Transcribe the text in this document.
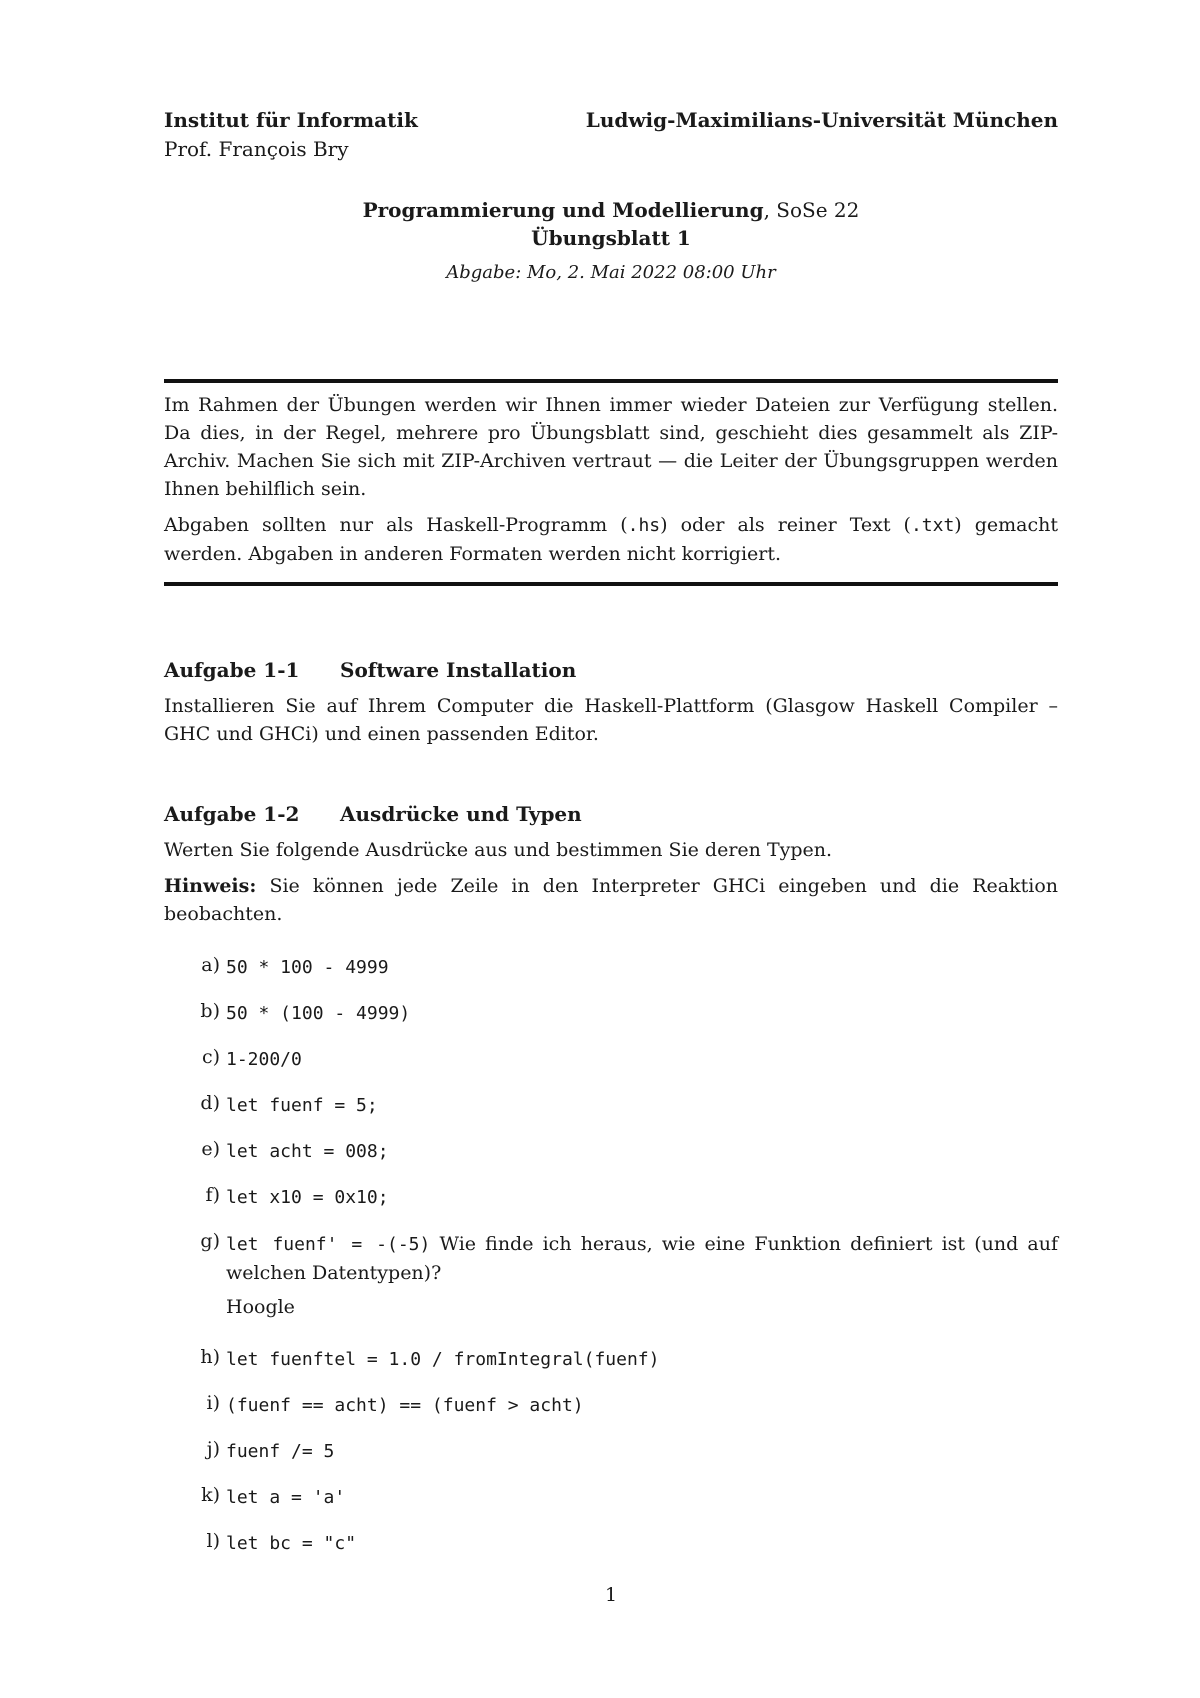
Institut für Informatik	Ludwig-Maximilians-Universität München
Prof. François Bry
Programmierung und Modellierung, SoSe 22
Übungsblatt 1
Abgabe: Mo, 2. Mai 2022 08:00 Uhr

Im Rahmen der Übungen werden wir Ihnen immer wieder Dateien zur Verfügung stellen. Da dies, in der Regel, mehrere pro Übungsblatt sind, geschieht dies gesammelt als ZIP-Archiv. Machen Sie sich mit ZIP-Archiven vertraut — die Leiter der Übungsgruppen werden Ihnen behilflich sein.

Abgaben sollten nur als Haskell-Programm (.hs) oder als reiner Text (.txt) gemacht werden. Abgaben in anderen Formaten werden nicht korrigiert.

Aufgabe 1-1 Software Installation

Installieren Sie auf Ihrem Computer die Haskell-Plattform (Glasgow Haskell Compiler – GHC und GHCi) und einen passenden Editor.

Aufgabe 1-2 Ausdrücke und Typen

Werten Sie folgende Ausdrücke aus und bestimmen Sie deren Typen.

Hinweis: Sie können jede Zeile in den Interpreter GHCi eingeben und die Reaktion beobachten.

a) 50 * 100 - 4999
b) 50 * (100 - 4999)
c) 1-200/0
d) let fuenf = 5;
e) let acht = 008;
f) let x10 = 0x10;
g) let fuenf' = -(-5) Wie finde ich heraus, wie eine Funktion definiert ist (und auf welchen Datentypen)?
Hoogle
h) let fuenftel = 1.0 / fromIntegral(fuenf)
i) (fuenf == acht) == (fuenf > acht)
j) fuenf /= 5
k) let a = 'a'
l) let bc = "c"
1
